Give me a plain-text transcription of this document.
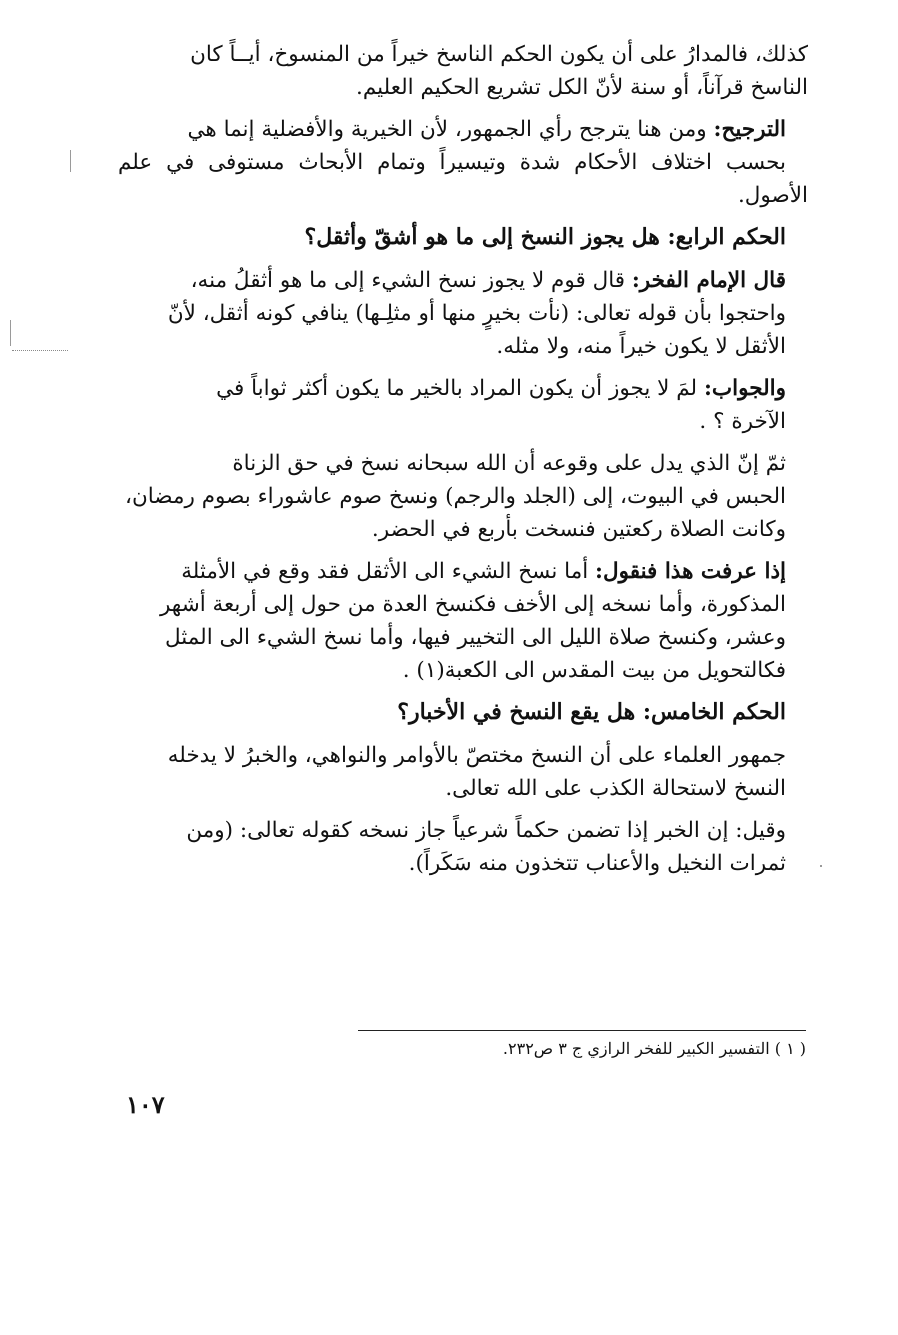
كذلك، فالمدارُ على أن يكون الحكم الناسخ خيراً من المنسوخ، أيــاً كان
الناسخ قرآناً، أو سنة لأنّ الكل تشريع الحكيم العليم.
الترجيح: ومن هنا يترجح رأي الجمهور، لأن الخيرية والأفضلية إنما هي
بحسب اختلاف الأحكام شدة وتيسيراً وتمام الأبحاث مستوفى في علم الأصول.
الحكم الرابع: هل يجوز النسخ إلى ما هو أشقّ وأثقل؟
قال الإمام الفخر: قال قوم لا يجوز نسخ الشيء إلى ما هو أثقلُ منه،
واحتجوا بأن قوله تعالى: (نأت بخيرٍ منها أو مثلِـها) ينافي كونه أثقل، لأنّ
الأثقل لا يكون خيراً منه، ولا مثله.
والجواب: لمَ لا يجوز أن يكون المراد بالخير ما يكون أكثر ثواباً في
الآخرة ؟ .
ثمّ إنّ الذي يدل على وقوعه أن الله سبحانه نسخ في حق الزناة
الحبس في البيوت، إلى (الجلد والرجم) ونسخ صوم عاشوراء بصوم رمضان،
وكانت الصلاة ركعتين فنسخت بأربع في الحضر.
إذا عرفت هذا فنقول: أما نسخ الشيء الى الأثقل فقد وقع في الأمثلة
المذكورة، وأما نسخه إلى الأخف فكنسخ العدة من حول إلى أربعة أشهر
وعشر، وكنسخ صلاة الليل الى التخيير فيها، وأما نسخ الشيء الى المثل
فكالتحويل من بيت المقدس الى الكعبة(١) .
الحكم الخامس: هل يقع النسخ في الأخبار؟
جمهور العلماء على أن النسخ مختصّ بالأوامر والنواهي، والخبرُ لا يدخله
النسخ لاستحالة الكذب على الله تعالى.
وقيل: إن الخبر إذا تضمن حكماً شرعياً جاز نسخه كقوله تعالى: (ومن
ثمرات النخيل والأعناب تتخذون منه سَكَراً).
( ١ ) التفسير الكبير للفخر الرازي ج ٣ ص٢٣٢.
١٠٧
